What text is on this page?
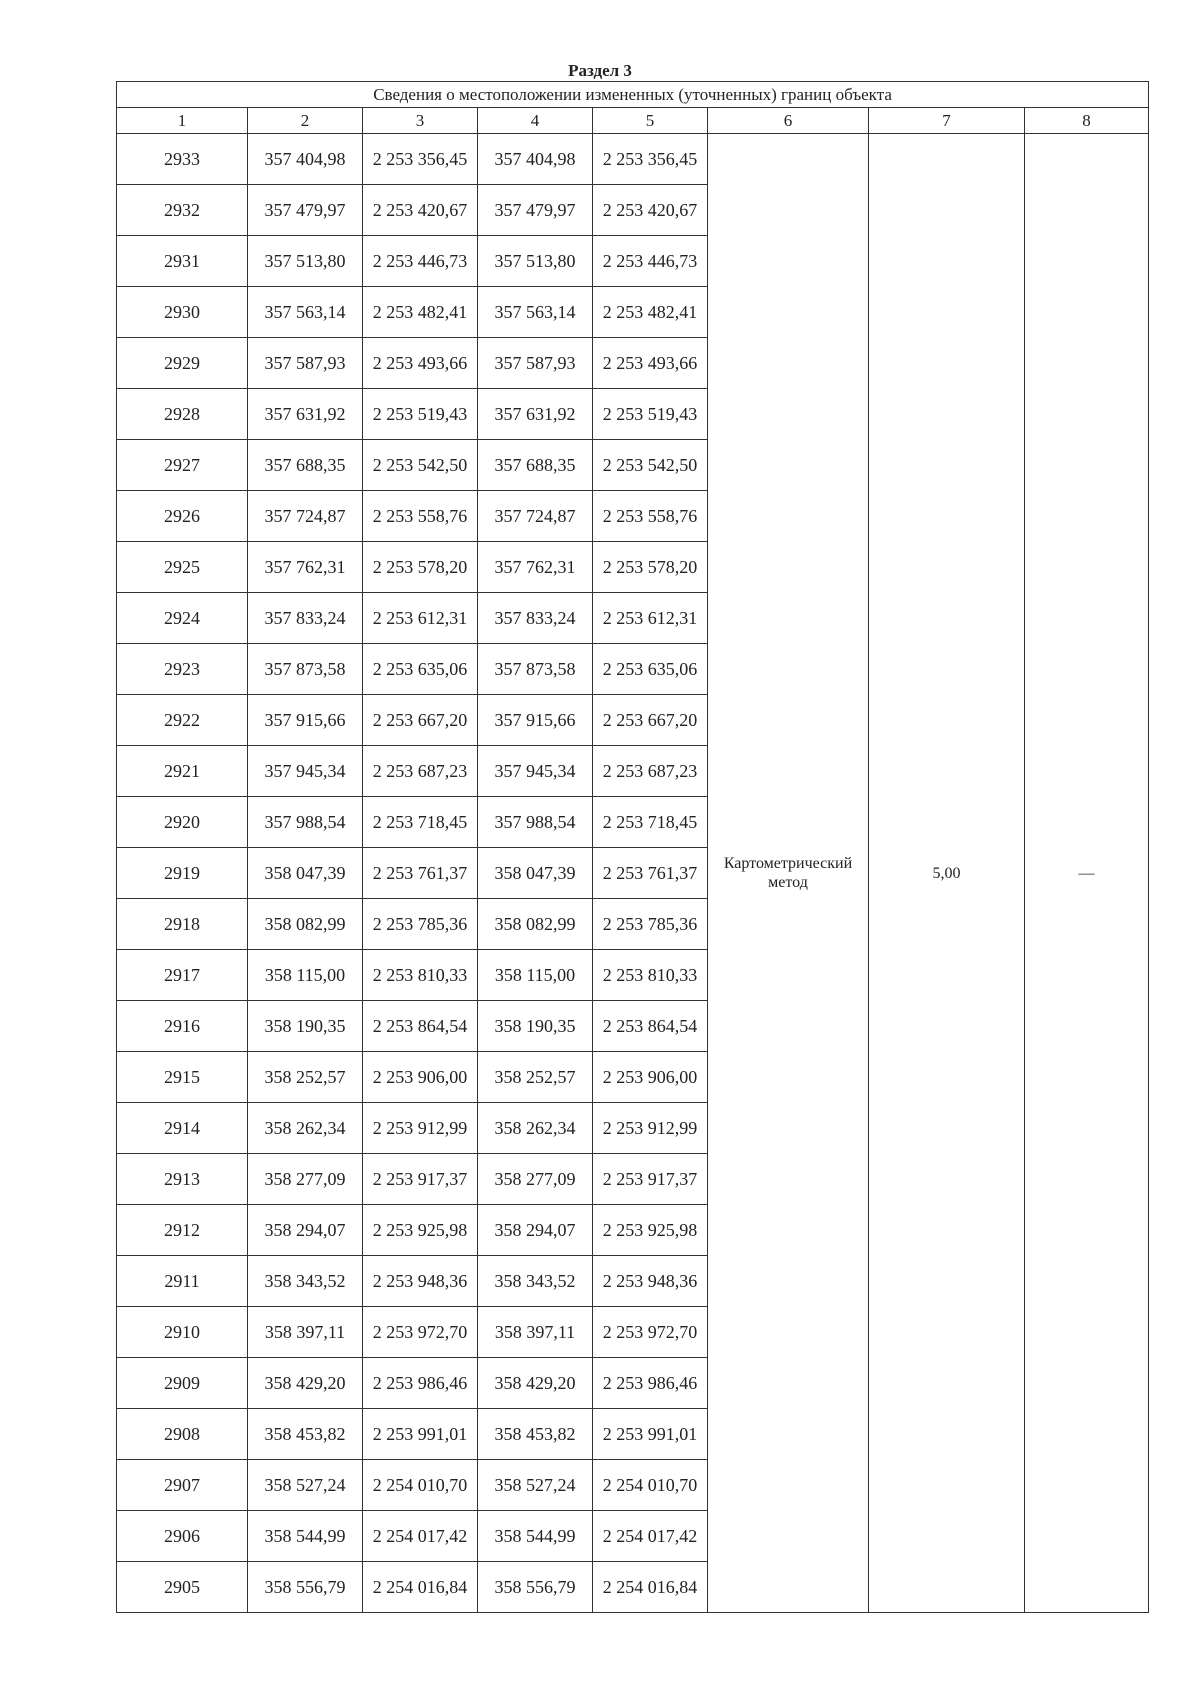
Раздел 3
Сведения о местоположении измененных (уточненных) границ объекта							
1	2	3	4	5	6	7	8
2933	357 404,98	2 253 356,45	357 404,98	2 253 356,45	Картометрический метод	5,00	—
2932	357 479,97	2 253 420,67	357 479,97	2 253 420,67			
2931	357 513,80	2 253 446,73	357 513,80	2 253 446,73			
2930	357 563,14	2 253 482,41	357 563,14	2 253 482,41			
2929	357 587,93	2 253 493,66	357 587,93	2 253 493,66			
2928	357 631,92	2 253 519,43	357 631,92	2 253 519,43			
2927	357 688,35	2 253 542,50	357 688,35	2 253 542,50			
2926	357 724,87	2 253 558,76	357 724,87	2 253 558,76			
2925	357 762,31	2 253 578,20	357 762,31	2 253 578,20			
2924	357 833,24	2 253 612,31	357 833,24	2 253 612,31			
2923	357 873,58	2 253 635,06	357 873,58	2 253 635,06			
2922	357 915,66	2 253 667,20	357 915,66	2 253 667,20			
2921	357 945,34	2 253 687,23	357 945,34	2 253 687,23			
2920	357 988,54	2 253 718,45	357 988,54	2 253 718,45			
2919	358 047,39	2 253 761,37	358 047,39	2 253 761,37			
2918	358 082,99	2 253 785,36	358 082,99	2 253 785,36			
2917	358 115,00	2 253 810,33	358 115,00	2 253 810,33			
2916	358 190,35	2 253 864,54	358 190,35	2 253 864,54			
2915	358 252,57	2 253 906,00	358 252,57	2 253 906,00			
2914	358 262,34	2 253 912,99	358 262,34	2 253 912,99			
2913	358 277,09	2 253 917,37	358 277,09	2 253 917,37			
2912	358 294,07	2 253 925,98	358 294,07	2 253 925,98			
2911	358 343,52	2 253 948,36	358 343,52	2 253 948,36			
2910	358 397,11	2 253 972,70	358 397,11	2 253 972,70			
2909	358 429,20	2 253 986,46	358 429,20	2 253 986,46			
2908	358 453,82	2 253 991,01	358 453,82	2 253 991,01			
2907	358 527,24	2 254 010,70	358 527,24	2 254 010,70			
2906	358 544,99	2 254 017,42	358 544,99	2 254 017,42			
2905	358 556,79	2 254 016,84	358 556,79	2 254 016,84			
